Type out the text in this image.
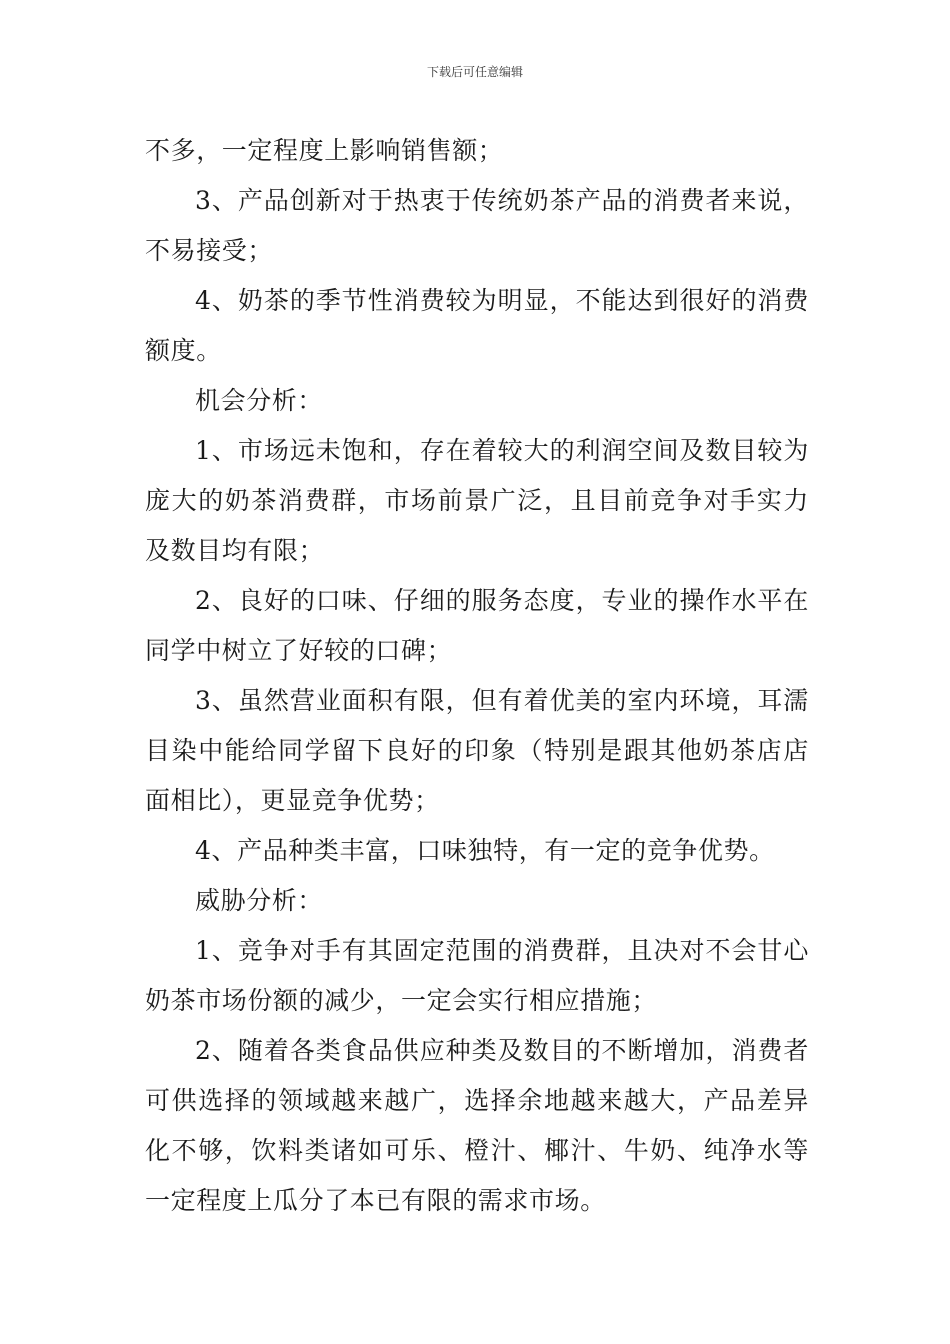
下载后可任意编辑

不多，一定程度上影响销售额；

3、产品创新对于热衷于传统奶茶产品的消费者来说，不易接受；

4、奶茶的季节性消费较为明显，不能达到很好的消费额度。

机会分析：

1、市场远未饱和，存在着较大的利润空间及数目较为庞大的奶茶消费群，市场前景广泛，且目前竞争对手实力及数目均有限；

2、良好的口味、仔细的服务态度，专业的操作水平在同学中树立了好较的口碑；

3、虽然营业面积有限，但有着优美的室内环境，耳濡目染中能给同学留下良好的印象（特别是跟其他奶茶店店面相比），更显竞争优势；

4、产品种类丰富，口味独特，有一定的竞争优势。

威胁分析：

1、竞争对手有其固定范围的消费群，且决对不会甘心奶茶市场份额的减少，一定会实行相应措施；

2、随着各类食品供应种类及数目的不断增加，消费者可供选择的领域越来越广，选择余地越来越大，产品差异化不够，饮料类诸如可乐、橙汁、椰汁、牛奶、纯净水等一定程度上瓜分了本已有限的需求市场。
